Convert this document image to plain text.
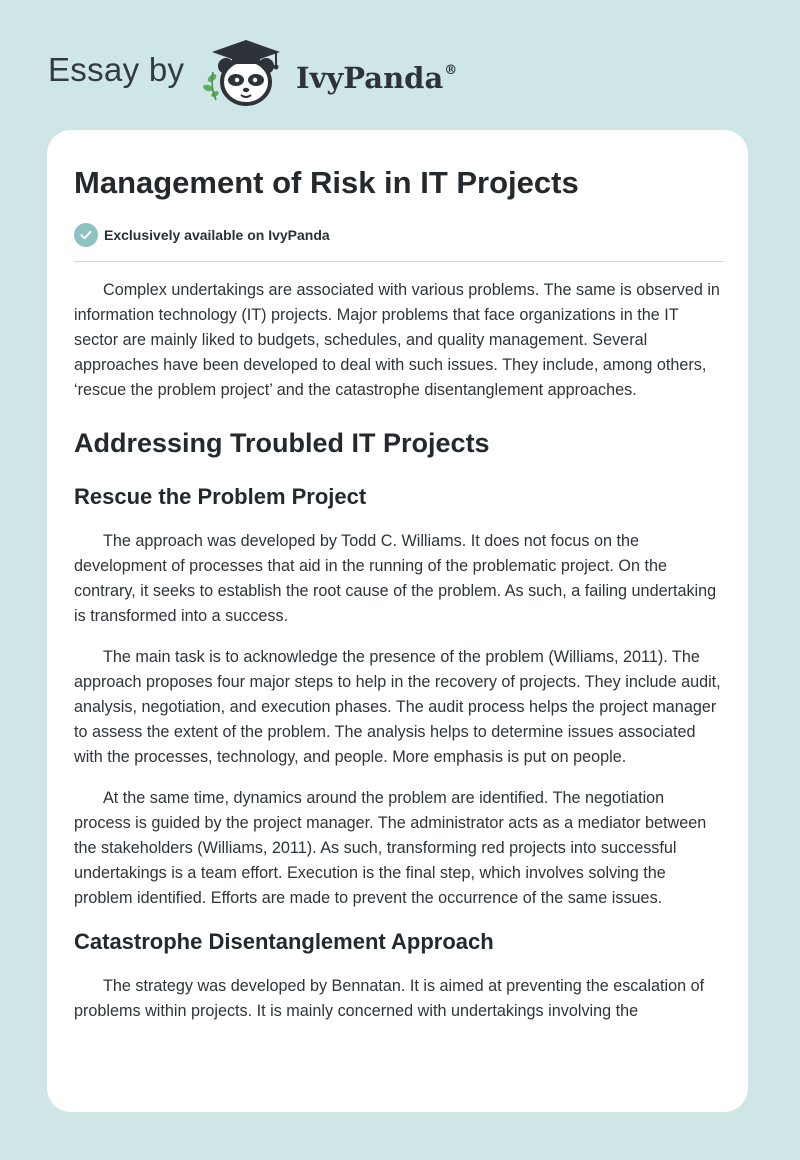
Essay by	IvyPanda®
Management of Risk in IT Projects
Exclusively available on IvyPanda

Complex undertakings are associated with various problems. The same is observed in information technology (IT) projects. Major problems that face organizations in the IT sector are mainly liked to budgets, schedules, and quality management. Several approaches have been developed to deal with such issues. They include, among others, ‘rescue the problem project’ and the catastrophe disentanglement approaches.

Addressing Troubled IT Projects
Rescue the Problem Project

The approach was developed by Todd C. Williams. It does not focus on the development of processes that aid in the running of the problematic project. On the contrary, it seeks to establish the root cause of the problem. As such, a failing undertaking is transformed into a success.

The main task is to acknowledge the presence of the problem (Williams, 2011). The approach proposes four major steps to help in the recovery of projects. They include audit, analysis, negotiation, and execution phases. The audit process helps the project manager to assess the extent of the problem. The analysis helps to determine issues associated with the processes, technology, and people. More emphasis is put on people.

At the same time, dynamics around the problem are identified. The negotiation process is guided by the project manager. The administrator acts as a mediator between the stakeholders (Williams, 2011). As such, transforming red projects into successful undertakings is a team effort. Execution is the final step, which involves solving the problem identified. Efforts are made to prevent the occurrence of the same issues.

Catastrophe Disentanglement Approach

The strategy was developed by Bennatan. It is aimed at preventing the escalation of problems within projects. It is mainly concerned with undertakings involving the
